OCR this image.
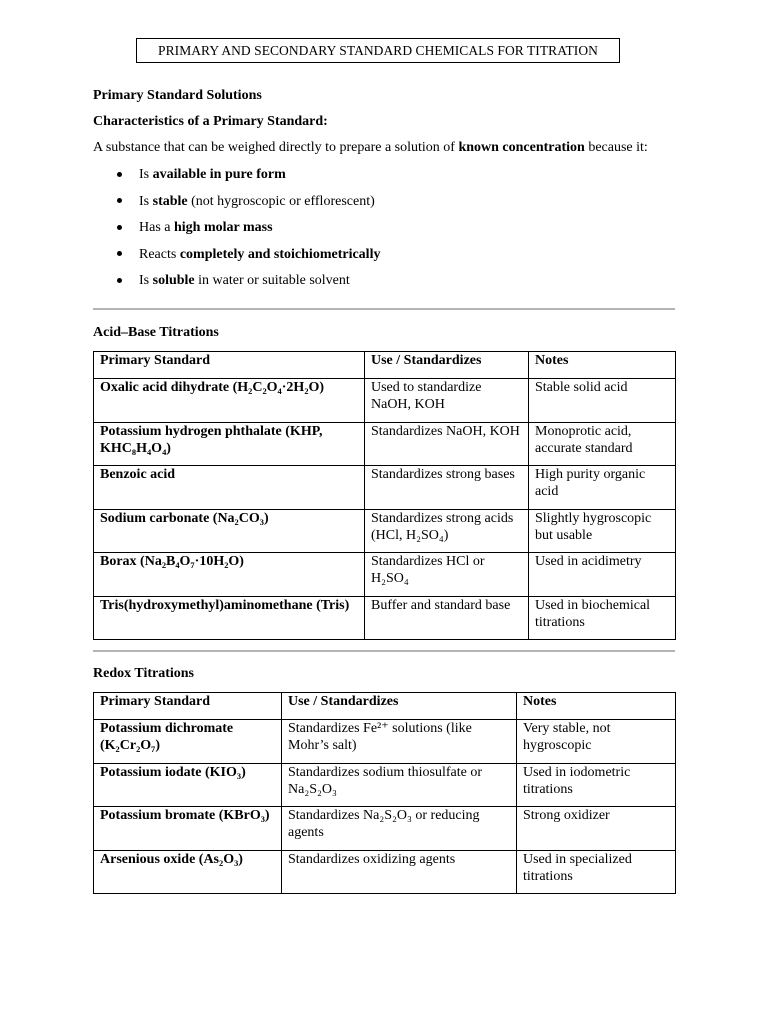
PRIMARY AND SECONDARY STANDARD CHEMICALS FOR TITRATION
Primary Standard Solutions
Characteristics of a Primary Standard:
A substance that can be weighed directly to prepare a solution of known concentration because it:
Is available in pure form
Is stable (not hygroscopic or efflorescent)
Has a high molar mass
Reacts completely and stoichiometrically
Is soluble in water or suitable solvent
Acid–Base Titrations
Primary Standard	Use / Standardizes	Notes
Oxalic acid dihydrate (H₂C₂O₄·2H₂O)	Used to standardize NaOH, KOH	Stable solid acid
Potassium hydrogen phthalate (KHP, KHC₈H₄O₄)	Standardizes NaOH, KOH	Monoprotic acid, accurate standard
Benzoic acid	Standardizes strong bases	High purity organic acid
Sodium carbonate (Na₂CO₃)	Standardizes strong acids (HCl, H₂SO₄)	Slightly hygroscopic but usable
Borax (Na₂B₄O₇·10H₂O)	Standardizes HCl or H₂SO₄	Used in acidimetry
Tris(hydroxymethyl)aminomethane (Tris)	Buffer and standard base	Used in biochemical titrations
Redox Titrations
Primary Standard	Use / Standardizes	Notes
Potassium dichromate (K₂Cr₂O₇)	Standardizes Fe²⁺ solutions (like Mohr’s salt)	Very stable, not hygroscopic
Potassium iodate (KIO₃)	Standardizes sodium thiosulfate or Na₂S₂O₃	Used in iodometric titrations
Potassium bromate (KBrO₃)	Standardizes Na₂S₂O₃ or reducing agents	Strong oxidizer
Arsenious oxide (As₂O₃)	Standardizes oxidizing agents	Used in specialized titrations
